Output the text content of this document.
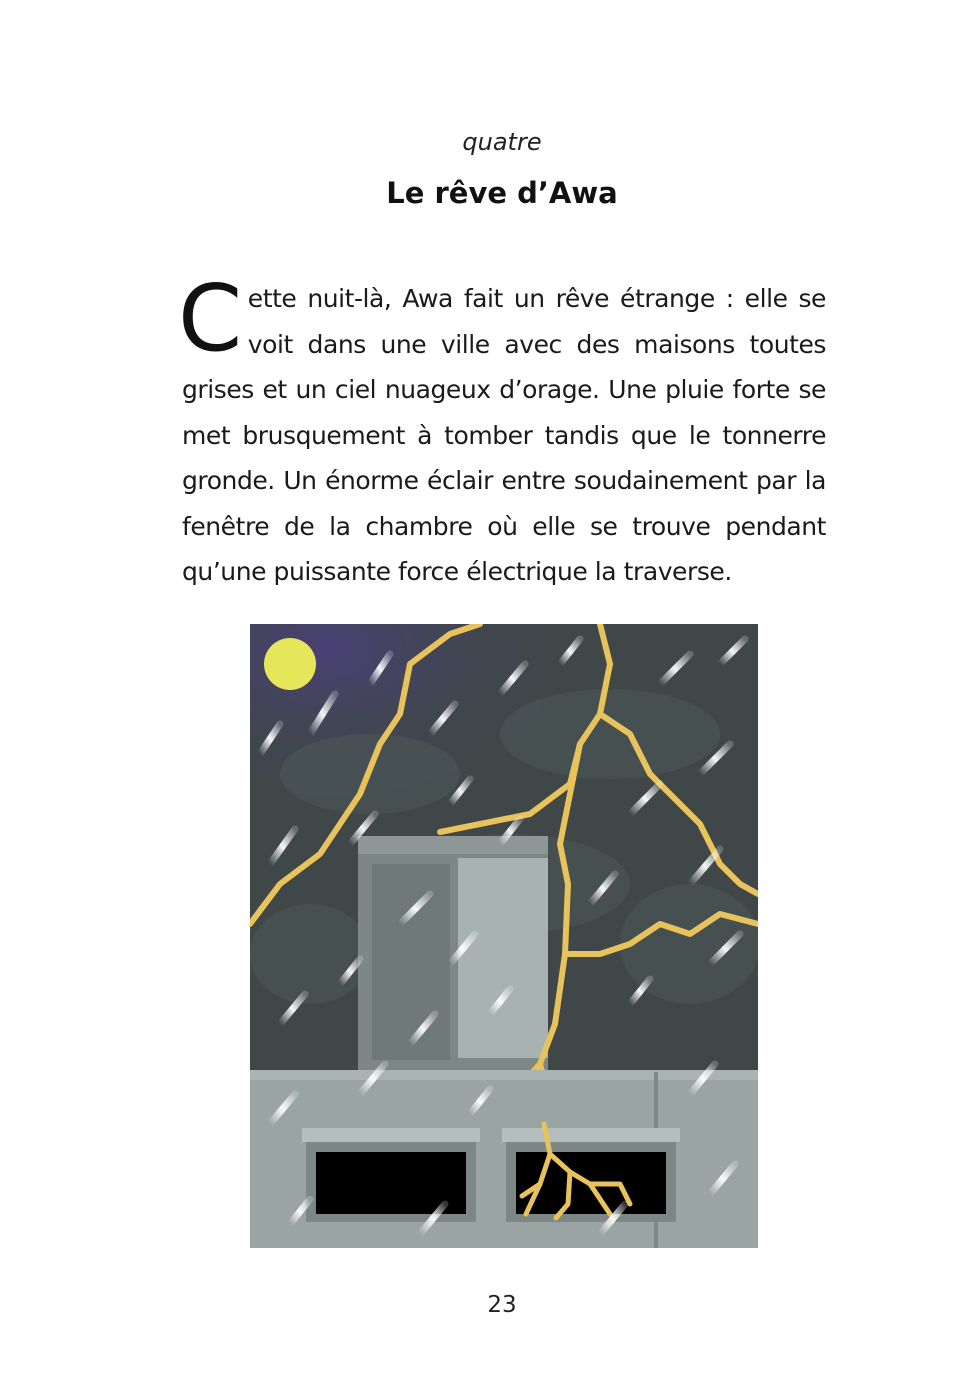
quatre
Le rêve d’Awa
Cette nuit-là, Awa fait un rêve étrange : elle se voit dans une ville avec des maisons toutes grises et un ciel nuageux d’orage. Une pluie forte se met brusquement à tomber tandis que le tonnerre gronde. Un énorme éclair entre soudainement par la fenêtre de la chambre où elle se trouve pendant qu’une puissante force électrique la traverse.
23
